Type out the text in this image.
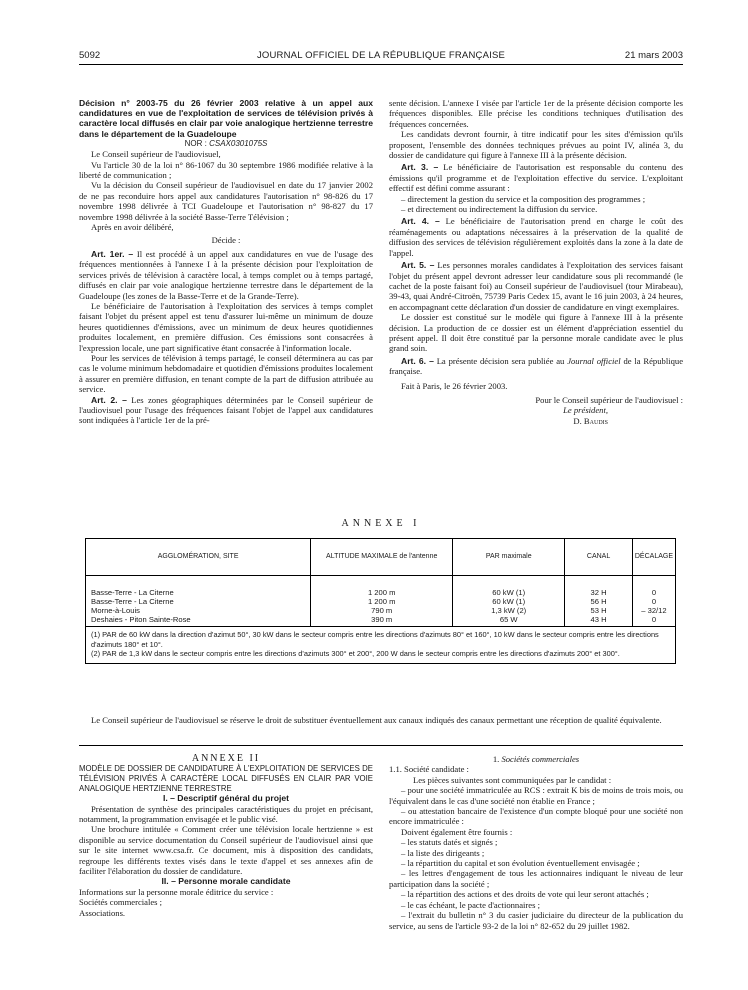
5092	JOURNAL OFFICIEL DE LA RÉPUBLIQUE FRANÇAISE	21 mars 2003

Décision n° 2003-75 du 26 février 2003 relative à un appel aux candidatures en vue de l'exploitation de services de télévision privés à caractère local diffusés en clair par voie analogique hertzienne terrestre dans le département de la Guadeloupe

NOR : CSAX0301075S

Le Conseil supérieur de l'audiovisuel,

Vu l'article 30 de la loi n° 86-1067 du 30 septembre 1986 modifiée relative à la liberté de communication ;

Vu la décision du Conseil supérieur de l'audiovisuel en date du 17 janvier 2002 de ne pas reconduire hors appel aux candidatures l'autorisation n° 98-826 du 17 novembre 1998 délivrée à TCI Guadeloupe et l'autorisation n° 98-827 du 17 novembre 1998 délivrée à la société Basse-Terre Télévision ;

Après en avoir délibéré,

Décide :

Art. 1er. – Il est procédé à un appel aux candidatures en vue de l'usage des fréquences mentionnées à l'annexe I à la présente décision pour l'exploitation de services privés de télévision à caractère local, à temps complet ou à temps partagé, diffusés en clair par voie analogique hertzienne terrestre dans le département de la Guadeloupe (les zones de la Basse-Terre et de la Grande-Terre).

Le bénéficiaire de l'autorisation à l'exploitation des services à temps complet faisant l'objet du présent appel est tenu d'assurer lui-même un minimum de douze heures quotidiennes d'émissions, avec un minimum de deux heures quotidiennes produites localement, en première diffusion. Ces émissions sont consacrées à l'expression locale, une part significative étant consacrée à l'information locale.

Pour les services de télévision à temps partagé, le conseil déterminera au cas par cas le volume minimum hebdomadaire et quotidien d'émissions produites localement à assurer en première diffusion, en tenant compte de la part de diffusion attribuée au service.

Art. 2. – Les zones géographiques déterminées par le Conseil supérieur de l'audiovisuel pour l'usage des fréquences faisant l'objet de l'appel aux candidatures sont indiquées à l'article 1er de la pré-

sente décision. L'annexe I visée par l'article 1er de la présente décision comporte les fréquences disponibles. Elle précise les conditions techniques d'utilisation des fréquences concernées.

Les candidats devront fournir, à titre indicatif pour les sites d'émission qu'ils proposent, l'ensemble des données techniques prévues au point IV, alinéa 3, du dossier de candidature qui figure à l'annexe III à la présente décision.

Art. 3. – Le bénéficiaire de l'autorisation est responsable du contenu des émissions qu'il programme et de l'exploitation effective du service. L'exploitant effectif est défini comme assurant :

– directement la gestion du service et la composition des programmes ;

– et directement ou indirectement la diffusion du service.

Art. 4. – Le bénéficiaire de l'autorisation prend en charge le coût des réaménagements ou adaptations nécessaires à la préservation de la qualité de diffusion des services de télévision régulièrement exploités dans la zone à la date de l'appel.

Art. 5. – Les personnes morales candidates à l'exploitation des services faisant l'objet du présent appel devront adresser leur candidature sous pli recommandé (le cachet de la poste faisant foi) au Conseil supérieur de l'audiovisuel (tour Mirabeau), 39-43, quai André-Citroën, 75739 Paris Cedex 15, avant le 16 juin 2003, à 24 heures, en accompagnant cette déclaration d'un dossier de candidature en vingt exemplaires.

Le dossier est constitué sur le modèle qui figure à l'annexe III à la présente décision. La production de ce dossier est un élément d'appréciation essentiel du présent appel. Il doit être constitué par la personne morale candidate avec le plus grand soin.

Art. 6. – La présente décision sera publiée au Journal officiel de la République française.

Fait à Paris, le 26 février 2003.

Pour le Conseil supérieur de l'audiovisuel :

Le président,

D. Baudis

ANNEXE I
AGGLOMÉRATION, SITE	ALTITUDE MAXIMALE de l'antenne	PAR maximale	CANAL	DÉCALAGE
Basse-Terre - La Citerne	1 200 m	60 kW (1)	32 H	0
Basse-Terre - La Citerne	1 200 m	60 kW (1)	56 H	0
Morne-à-Louis	790 m	1,3 kW (2)	53 H	– 32/12
Deshaies - Piton Sainte-Rose	390 m	65 W	43 H	0

(1) PAR de 60 kW dans la direction d'azimut 50°, 30 kW dans le secteur compris entre les directions d'azimuts 80° et 160°, 10 kW dans le secteur compris entre les directions d'azimuts 180° et 10°.
(2) PAR de 1,3 kW dans le secteur compris entre les directions d'azimuts 300° et 200°, 200 W dans le secteur compris entre les directions d'azimuts 200° et 300°.				
Le Conseil supérieur de l'audiovisuel se réserve le droit de substituer éventuellement aux canaux indiqués des canaux permettant une réception de qualité équivalente.

ANNEXE II

MODÈLE DE DOSSIER DE CANDIDATURE À L'EXPLOITATION DE SERVICES DE TÉLÉVISION PRIVÉS À CARACTÈRE LOCAL DIFFUSÉS EN CLAIR PAR VOIE ANALOGIQUE HERTZIENNE TERRESTRE

I. – Descriptif général du projet

Présentation de synthèse des principales caractéristiques du projet en précisant, notamment, la programmation envisagée et le public visé.

Une brochure intitulée « Comment créer une télévision locale hertzienne » est disponible au service documentation du Conseil supérieur de l'audiovisuel ainsi que sur le site internet www.csa.fr. Ce document, mis à disposition des candidats, regroupe les différents textes visés dans le texte d'appel et ses annexes afin de faciliter l'élaboration du dossier de candidature.

II. – Personne morale candidate

Informations sur la personne morale éditrice du service :

Sociétés commerciales ;

Associations.

1. Sociétés commerciales

1.1. Société candidate :

Les pièces suivantes sont communiquées par le candidat :

– pour une société immatriculée au RCS : extrait K bis de moins de trois mois, ou l'équivalent dans le cas d'une société non établie en France ;

– ou attestation bancaire de l'existence d'un compte bloqué pour une société non encore immatriculée :

Doivent également être fournis :

– les statuts datés et signés ;

– la liste des dirigeants ;

– la répartition du capital et son évolution éventuellement envisagée ;

– les lettres d'engagement de tous les actionnaires indiquant le niveau de leur participation dans la société ;

– la répartition des actions et des droits de vote qui leur seront attachés ;

– le cas échéant, le pacte d'actionnaires ;

– l'extrait du bulletin n° 3 du casier judiciaire du directeur de la publication du service, au sens de l'article 93-2 de la loi n° 82-652 du 29 juillet 1982.
